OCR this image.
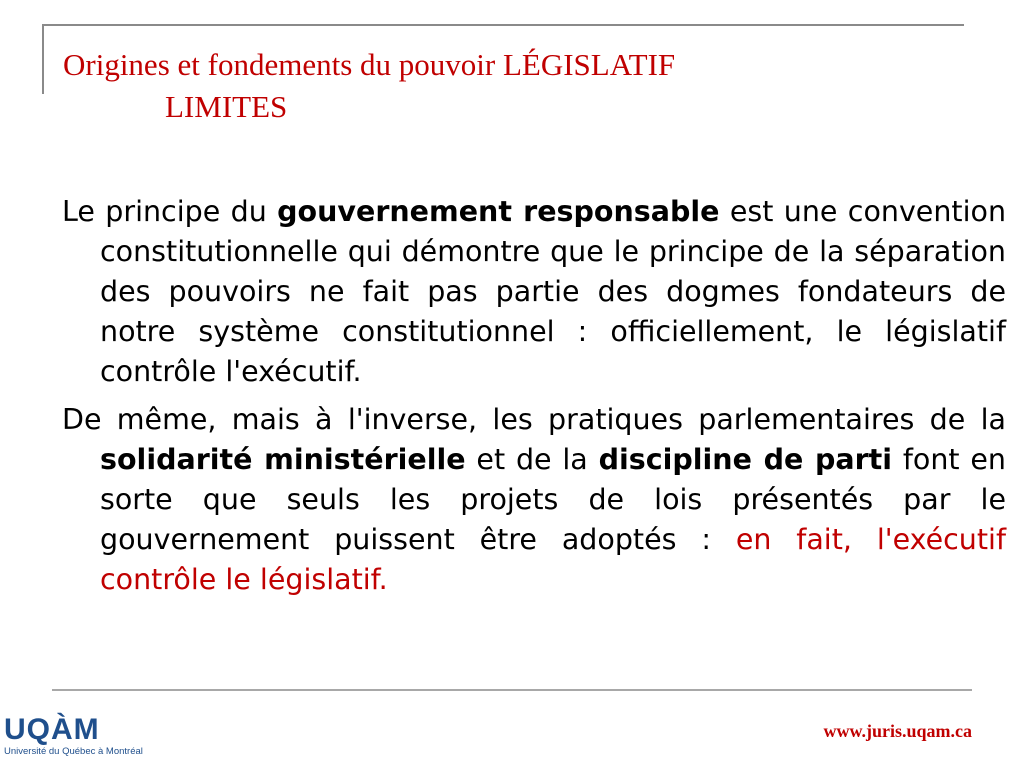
Origines et fondements du pouvoir LÉGISLATIF
LIMITES
Le principe du gouvernement responsable est une convention constitutionnelle qui démontre que le principe de la séparation des pouvoirs ne fait pas partie des dogmes fondateurs de notre système constitutionnel : officiellement, le législatif contrôle l'exécutif.
De même, mais à l'inverse, les pratiques parlementaires de la solidarité ministérielle et de la discipline de parti font en sorte que seuls les projets de lois présentés par le gouvernement puissent être adoptés : en fait, l'exécutif contrôle le législatif.
UQÀM
Université du Québec à Montréal
www.juris.uqam.ca
